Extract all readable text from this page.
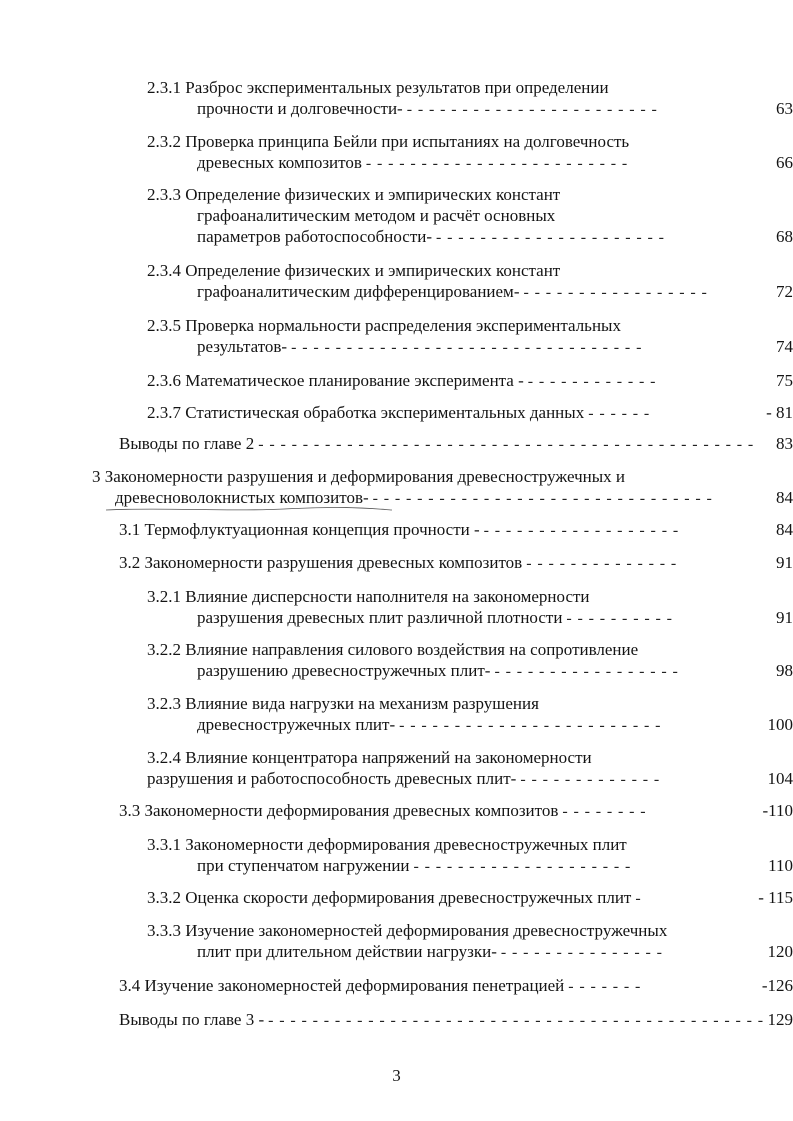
2.3.1 Разброс экспериментальных результатов при определении
прочности и долговечности- - - - - - - - - - - - - - - - - - - - - - - -	63
2.3.2 Проверка принципа Бейли при испытаниях на долговечность
древесных композитов - - - - - - - - - - - - - - - - - - - - - - - -	66
2.3.3 Определение физических и эмпирических констант
графоаналитическим методом и расчёт основных
параметров работоспособности- - - - - - - - - - - - - - - - - - - - - -	68
2.3.4 Определение физических и эмпирических констант
графоаналитическим дифференцированием- - - - - - - - - - - - - - - - - -	72
2.3.5 Проверка нормальности распределения экспериментальных
результатов- - - - - - - - - - - - - - - - - - - - - - - - - - - - - - - - -	74
2.3.6 Математическое планирование эксперимента - - - - - - - - - - - - -	75
2.3.7 Статистическая обработка экспериментальных данных - - - - - -	- 81
Выводы по главе 2 - - - - - - - - - - - - - - - - - - - - - - - - - - - - - - - - - - - - - - - - - - - - -	83
3 Закономерности разрушения и деформирования древесностружечных и
древесноволокнистых композитов- - - - - - - - - - - - - - - - - - - - - - - - - - - - - - - -	84
3.1 Термофлуктуационная концепция прочности - - - - - - - - - - - - - - - - - - -	84
3.2 Закономерности разрушения древесных композитов - - - - - - - - - - - - - -	91
3.2.1 Влияние дисперсности наполнителя на закономерности
разрушения древесных плит различной плотности - - - - - - - - - -	91
3.2.2 Влияние направления силового воздействия на сопротивление
разрушению древесностружечных плит- - - - - - - - - - - - - - - - - -	98
3.2.3 Влияние вида нагрузки на механизм разрушения
древесностружечных плит- - - - - - - - - - - - - - - - - - - - - - - - -	100
3.2.4 Влияние концентратора напряжений на закономерности
разрушения и работоспособность древесных плит- - - - - - - - - - - - - -	104
3.3 Закономерности деформирования древесных композитов - - - - - - - -	-110
3.3.1 Закономерности деформирования древесностружечных плит
при ступенчатом нагружении - - - - - - - - - - - - - - - - - - - -	110
3.3.2 Оценка скорости деформирования древесностружечных плит -	- 115
3.3.3 Изучение закономерностей деформирования древесностружечных
плит при длительном действии нагрузки- - - - - - - - - - - - - - - -	120
3.4 Изучение закономерностей деформирования пенетрацией - - - - - - -	-126
Выводы по главе 3 - - - - - - - - - - - - - - - - - - - - - - - - - - - - - - - - - - - - - - - - - - - - - - 129
3
